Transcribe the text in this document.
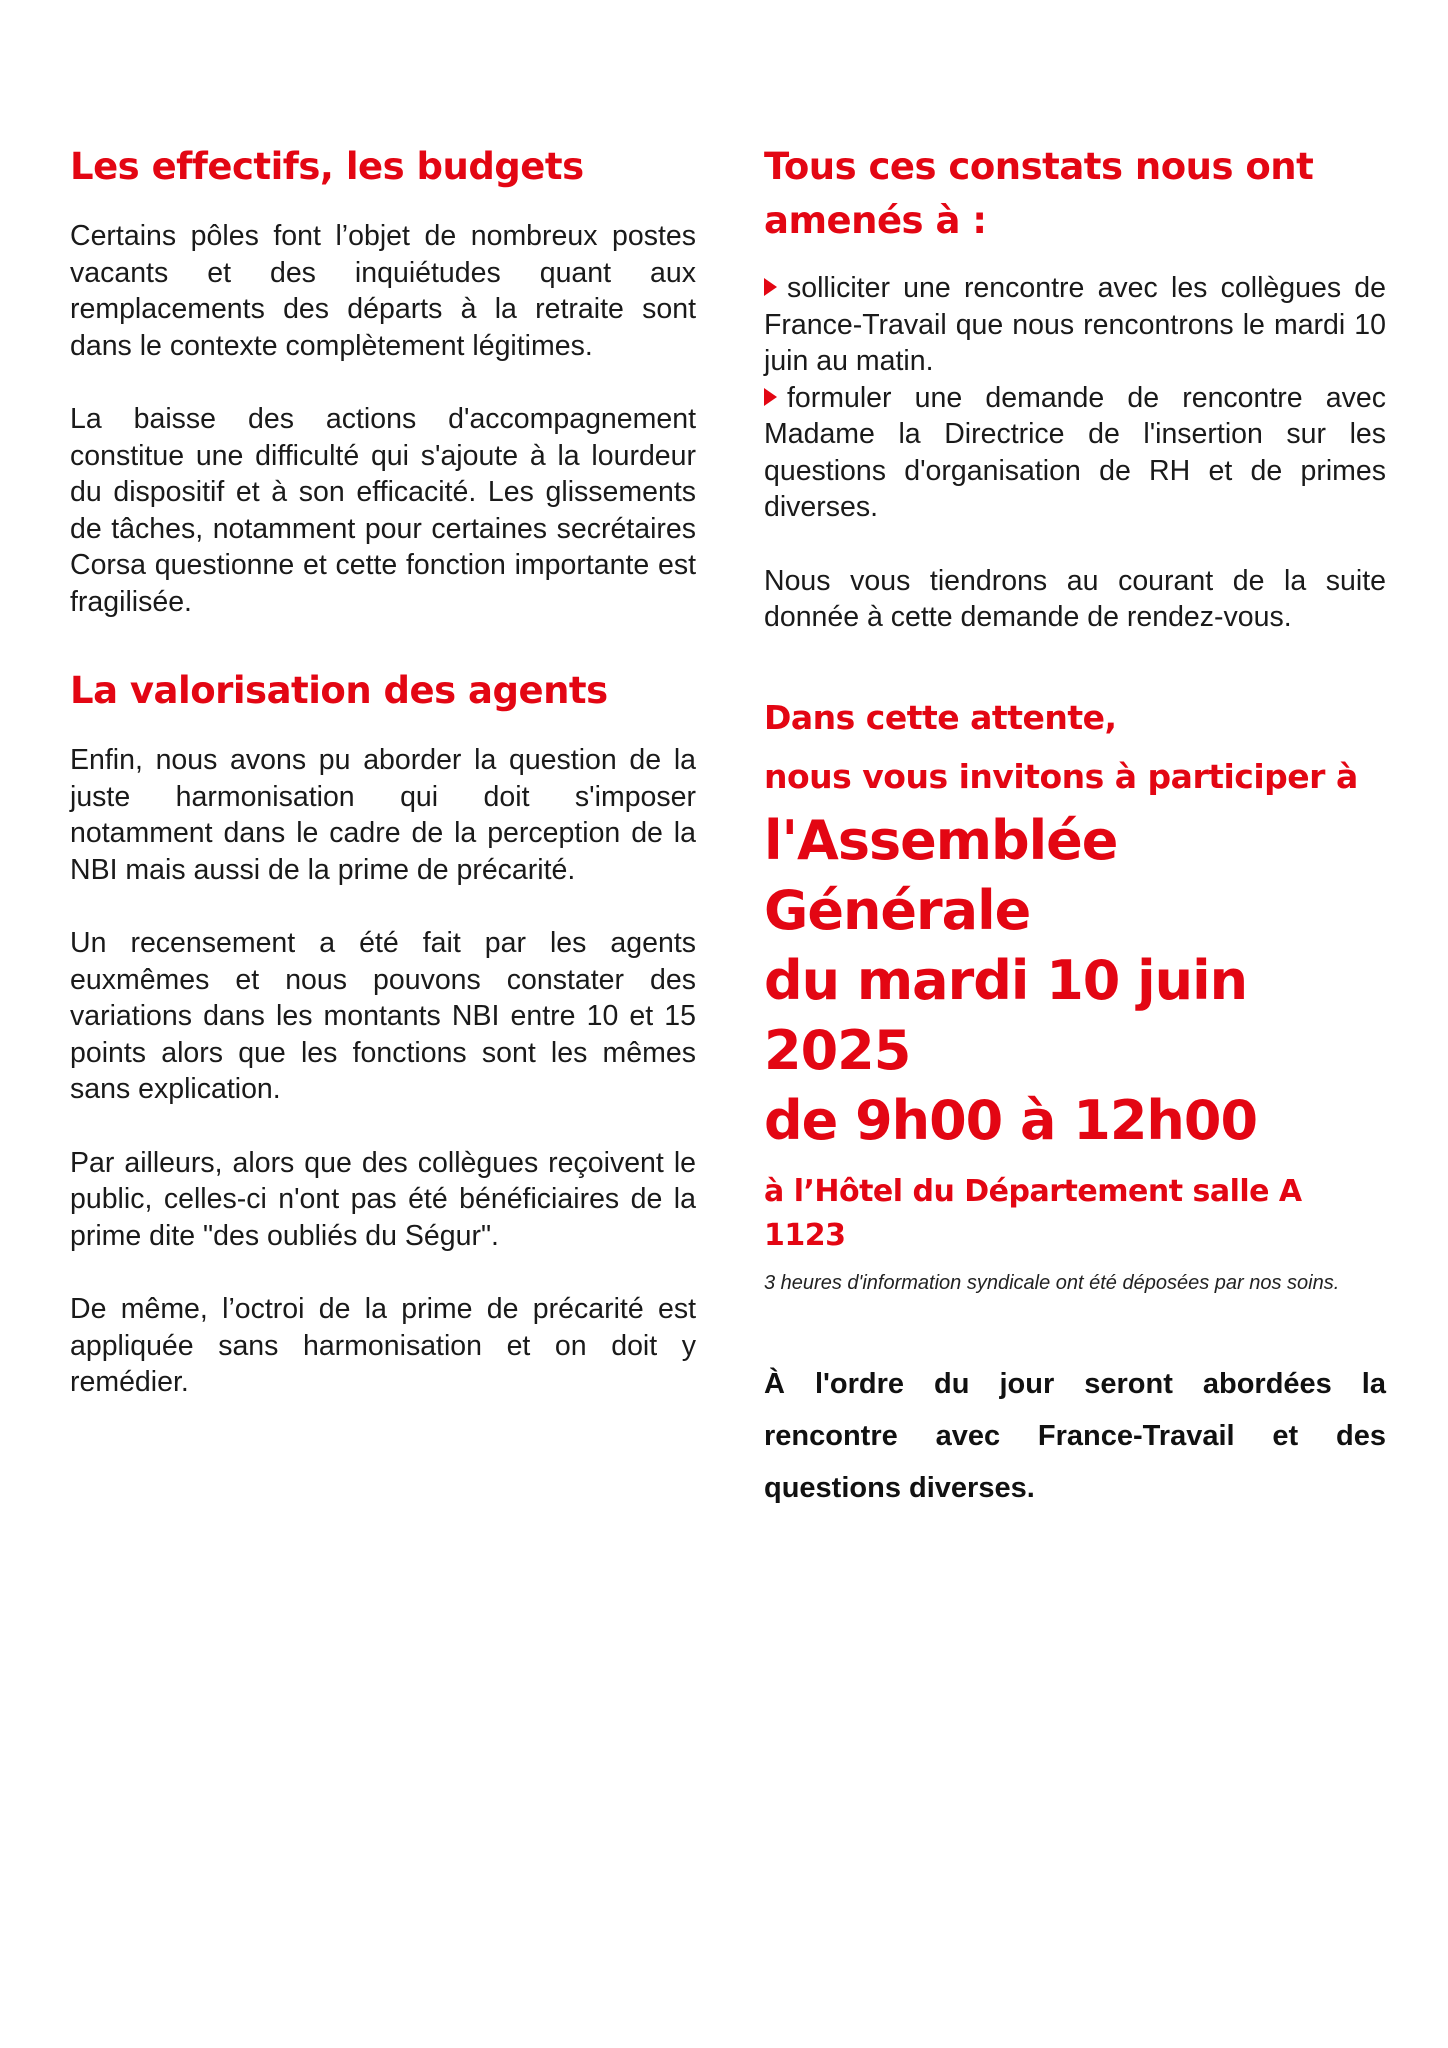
Les effectifs, les budgets

Certains pôles font l’objet de nombreux postes vacants et des inquiétudes quant aux remplacements des départs à la retraite sont dans le contexte complètement légitimes.

La baisse des actions d'accompagnement constitue une difficulté qui s'ajoute à la lourdeur du dispositif et à son efficacité. Les glissements de tâches, notamment pour certaines secrétaires Corsa questionne et cette fonction importante est fragilisée.

La valorisation des agents

Enfin, nous avons pu aborder la question de la juste harmonisation qui doit s'imposer notamment dans le cadre de la perception de la NBI mais aussi de la prime de précarité.

Un recensement a été fait par les agents euxmêmes et nous pouvons constater des variations dans les montants NBI entre 10 et 15 points alors que les fonctions sont les mêmes sans explication.

Par ailleurs, alors que des collègues reçoivent le public, celles-ci n'ont pas été bénéficiaires de la prime dite "des oubliés du Ségur".

De même, l’octroi de la prime de précarité est appliquée sans harmonisation et on doit y remédier.

Tous ces constats nous ont
amenés à :

solliciter une rencontre avec les collègues de France-Travail que nous rencontrons le mardi 10 juin au matin.

formuler une demande de rencontre avec Madame la Directrice de l'insertion sur les questions d'organisation de RH et de primes diverses.

Nous vous tiendrons au courant de la suite donnée à cette demande de rendez-vous.

Dans cette attente,
nous vous invitons à participer à
l'Assemblée Générale
du mardi 10 juin 2025
de 9h00 à 12h00
à l’Hôtel du Département salle A 1123

3 heures d'information syndicale ont été déposées par nos soins.

À l'ordre du jour seront abordées la rencontre avec France-Travail et des questions diverses.
